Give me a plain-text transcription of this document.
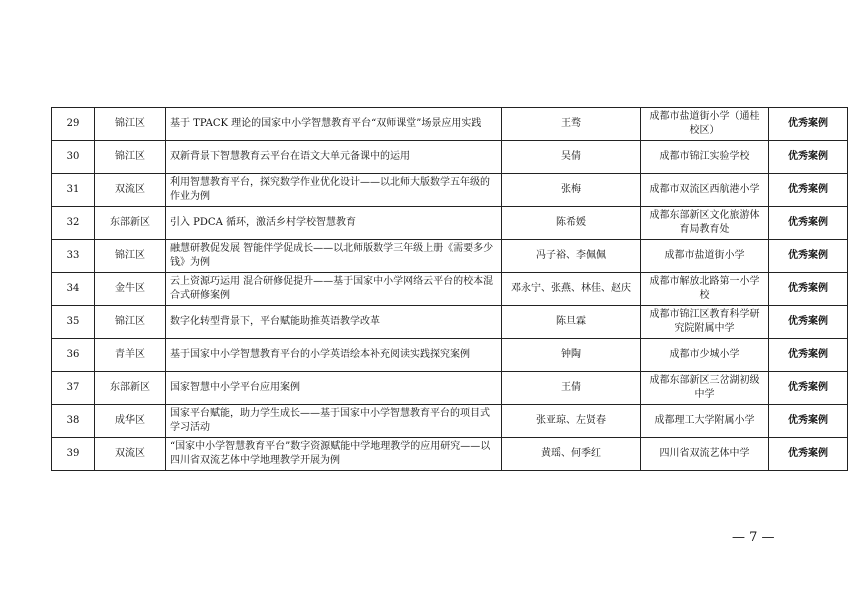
29	锦江区	基于 TPACK 理论的国家中小学智慧教育平台“双师课堂”场景应用实践	王骛	成都市盐道街小学（通桂校区）	优秀案例
30	锦江区	双新背景下智慧教育云平台在语文大单元备课中的运用	吴倩	成都市锦江实验学校	优秀案例
31	双流区	利用智慧教育平台，探究数学作业优化设计——以北师大版数学五年级的作业为例	张梅	成都市双流区西航港小学	优秀案例
32	东部新区	引入 PDCA 循环，激活乡村学校智慧教育	陈希媛	成都东部新区文化旅游体育局教育处	优秀案例
33	锦江区	融慧研教促发展 智能伴学促成长——以北师版数学三年级上册《需要多少钱》为例	冯子裕、李佩佩	成都市盐道街小学	优秀案例
34	金牛区	云上资源巧运用 混合研修促提升——基于国家中小学网络云平台的校本混合式研修案例	邓永宁、张燕、林佳、赵庆	成都市解放北路第一小学校	优秀案例
35	锦江区	数字化转型背景下，平台赋能助推英语教学改革	陈旦霖	成都市锦江区教育科学研究院附属中学	优秀案例
36	青羊区	基于国家中小学智慧教育平台的小学英语绘本补充阅读实践探究案例	钟陶	成都市少城小学	优秀案例
37	东部新区	国家智慧中小学平台应用案例	王倩	成都东部新区三岔湖初级中学	优秀案例
38	成华区	国家平台赋能，助力学生成长——基于国家中小学智慧教育平台的项目式学习活动	张亚琼、左贤春	成都理工大学附属小学	优秀案例
39	双流区	“国家中小学智慧教育平台”数字资源赋能中学地理教学的应用研究——以四川省双流艺体中学地理教学开展为例	黄瑶、何季红	四川省双流艺体中学	优秀案例
— 7 —
